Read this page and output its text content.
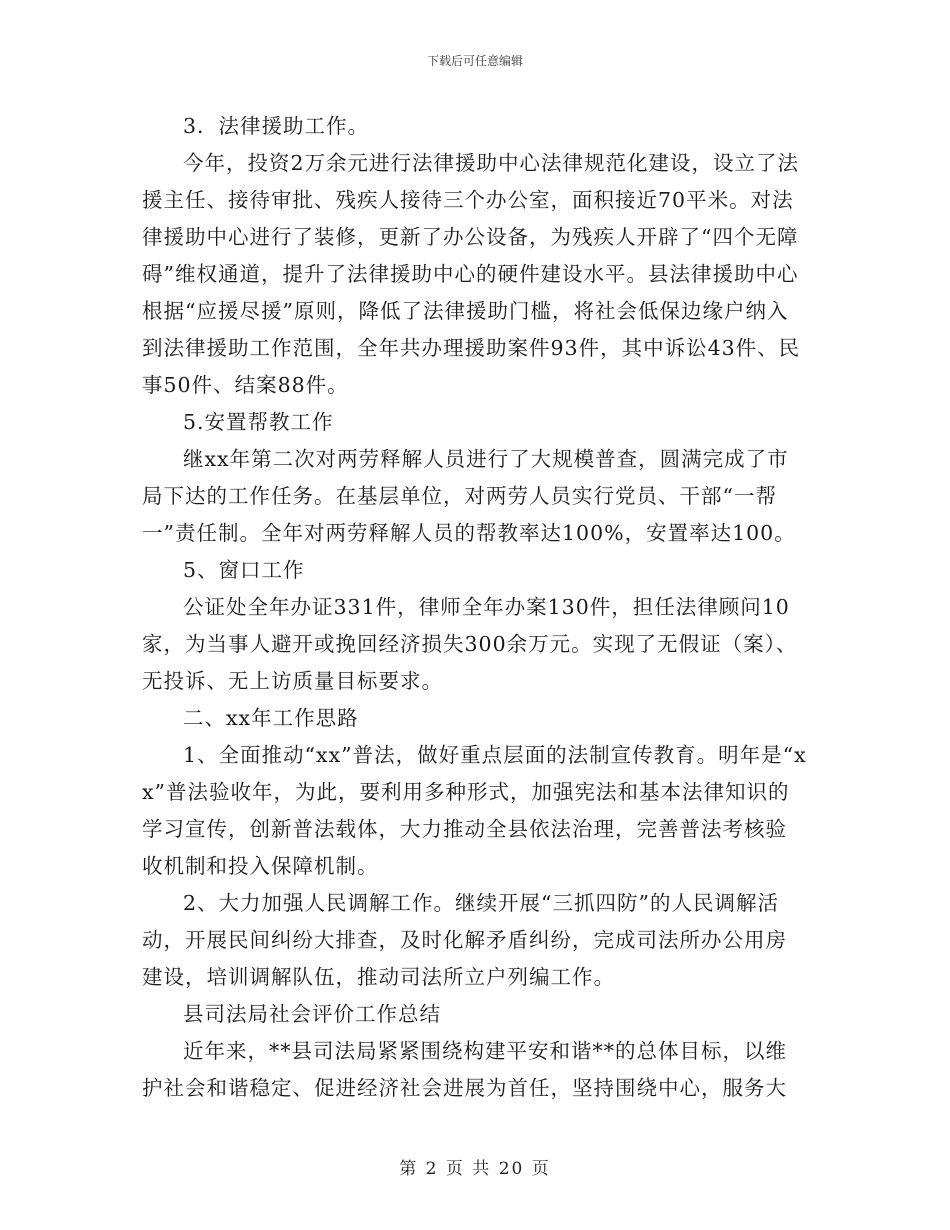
下载后可任意编辑

3．法律援助工作。

今年，投资2万余元进行法律援助中心法律规范化建设，设立了法援主任、接待审批、残疾人接待三个办公室，面积接近70平米。对法律援助中心进行了装修，更新了办公设备，为残疾人开辟了“四个无障碍”维权通道，提升了法律援助中心的硬件建设水平。县法律援助中心根据“应援尽援”原则，降低了法律援助门槛，将社会低保边缘户纳入到法律援助工作范围，全年共办理援助案件93件，其中诉讼43件、民事50件、结案88件。

5.安置帮教工作

继xx年第二次对两劳释解人员进行了大规模普查，圆满完成了市局下达的工作任务。在基层单位，对两劳人员实行党员、干部“一帮一”责任制。全年对两劳释解人员的帮教率达100%，安置率达100。

5、窗口工作

公证处全年办证331件，律师全年办案130件，担任法律顾问10家，为当事人避开或挽回经济损失300余万元。实现了无假证（案）、无投诉、无上访质量目标要求。

二、xx年工作思路

1、全面推动“xx”普法，做好重点层面的法制宣传教育。明年是“xx”普法验收年，为此，要利用多种形式，加强宪法和基本法律知识的学习宣传，创新普法载体，大力推动全县依法治理，完善普法考核验收机制和投入保障机制。

2、大力加强人民调解工作。继续开展“三抓四防”的人民调解活动，开展民间纠纷大排查，及时化解矛盾纠纷，完成司法所办公用房建设，培训调解队伍，推动司法所立户列编工作。

县司法局社会评价工作总结

近年来，**县司法局紧紧围绕构建平安和谐**的总体目标，以维护社会和谐稳定、促进经济社会进展为首任，坚持围绕中心，服务大

第 2 页 共 20 页
